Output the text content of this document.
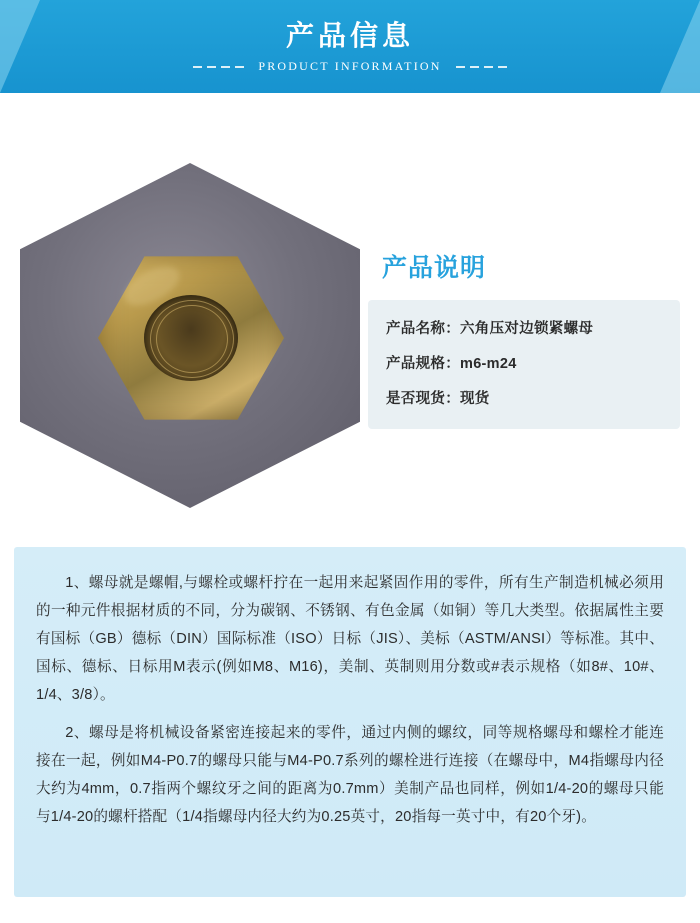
产品信息
PRODUCT INFORMATION
产品说明
产品名称：六角压对边锁紧螺母
产品规格：m6-m24
是否现货：现货

1、螺母就是螺帽,与螺栓或螺杆拧在一起用来起紧固作用的零件，所有生产制造机械必须用的一种元件根据材质的不同，分为碳钢、不锈钢、有色金属（如铜）等几大类型。依据属性主要有国标（GB）德标（DIN）国际标准（ISO）日标（JIS）、美标（ASTM/ANSI）等标准。其中、国标、德标、日标用M表示(例如M8、M16)，美制、英制则用分数或#表示规格（如8#、10#、1/4、3/8）。

2、螺母是将机械设备紧密连接起来的零件，通过内侧的螺纹，同等规格螺母和螺栓才能连接在一起，例如M4-P0.7的螺母只能与M4-P0.7系列的螺栓进行连接（在螺母中，M4指螺母内径大约为4mm，0.7指两个螺纹牙之间的距离为0.7mm）美制产品也同样，例如1/4-20的螺母只能与1/4-20的螺杆搭配（1/4指螺母内径大约为0.25英寸，20指每一英寸中，有20个牙)。
